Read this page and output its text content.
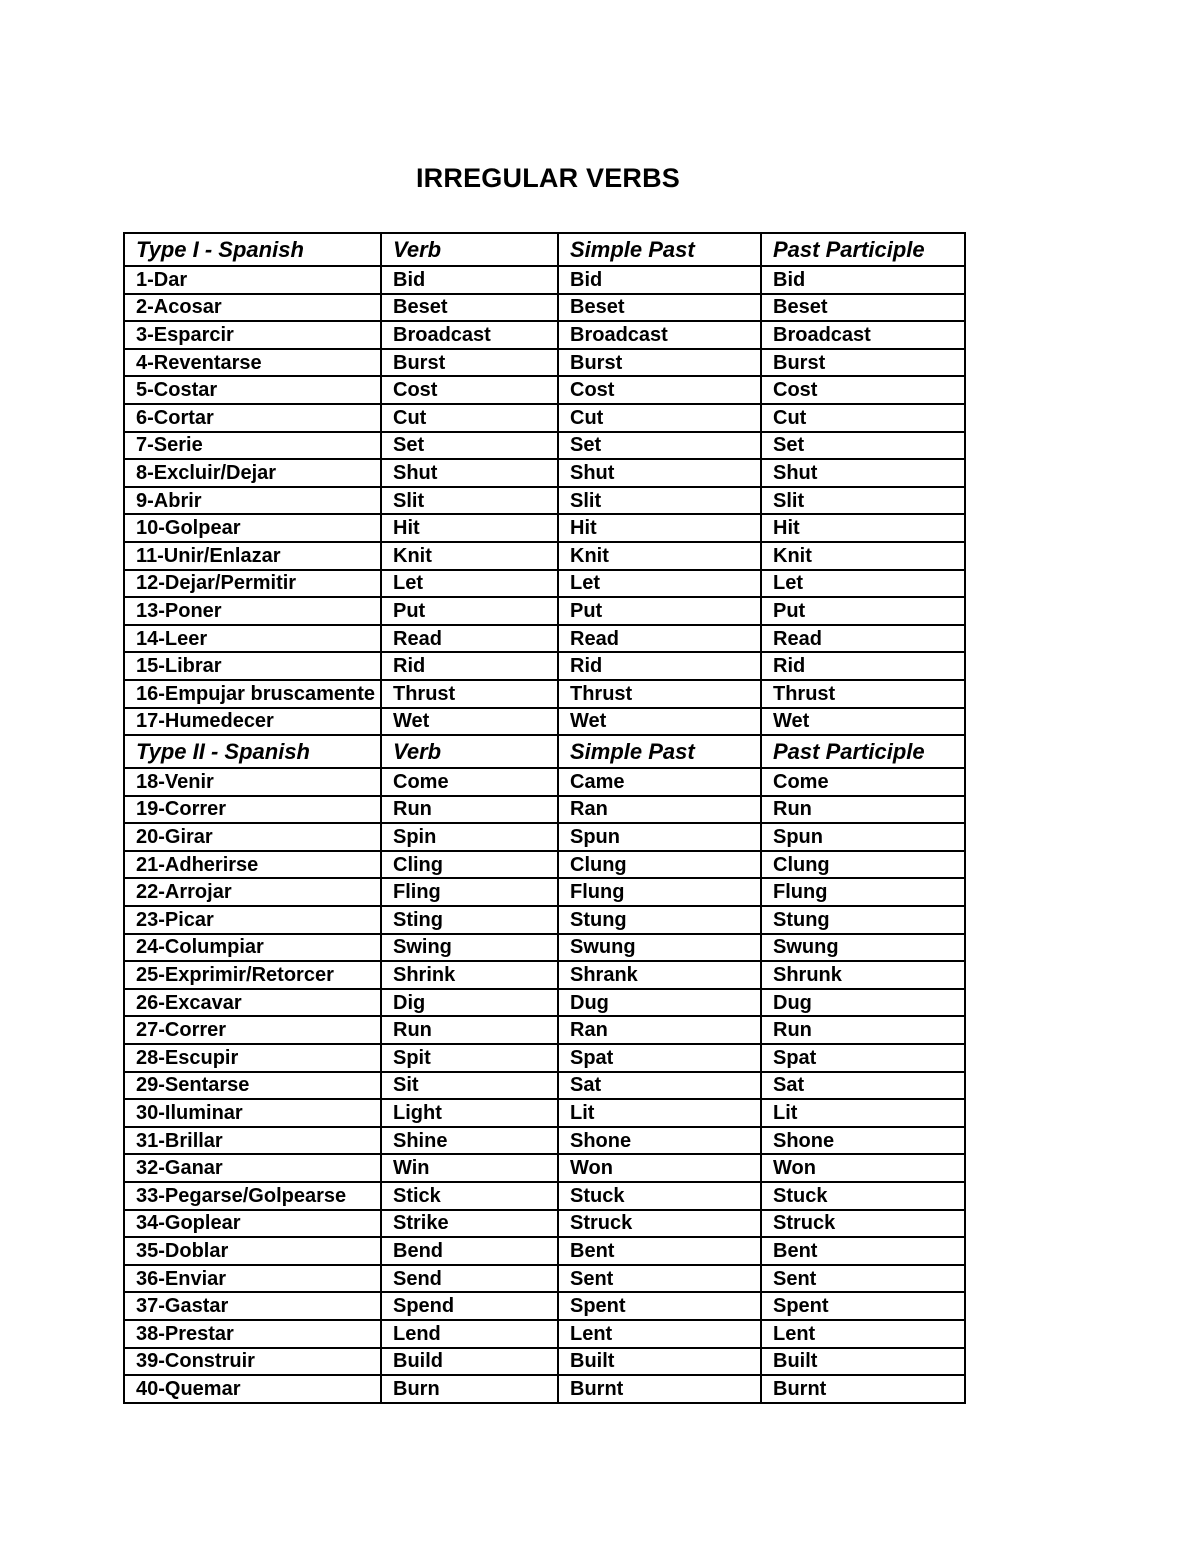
IRREGULAR VERBS
Type I - Spanish	Verb	Simple Past	Past Participle
1-Dar	Bid	Bid	Bid
2-Acosar	Beset	Beset	Beset
3-Esparcir	Broadcast	Broadcast	Broadcast
4-Reventarse	Burst	Burst	Burst
5-Costar	Cost	Cost	Cost
6-Cortar	Cut	Cut	Cut
7-Serie	Set	Set	Set
8-Excluir/Dejar	Shut	Shut	Shut
9-Abrir	Slit	Slit	Slit
10-Golpear	Hit	Hit	Hit
11-Unir/Enlazar	Knit	Knit	Knit
12-Dejar/Permitir	Let	Let	Let
13-Poner	Put	Put	Put
14-Leer	Read	Read	Read
15-Librar	Rid	Rid	Rid
16-Empujar bruscamente	Thrust	Thrust	Thrust
17-Humedecer	Wet	Wet	Wet
Type II - Spanish	Verb	Simple Past	Past Participle
18-Venir	Come	Came	Come
19-Correr	Run	Ran	Run
20-Girar	Spin	Spun	Spun
21-Adherirse	Cling	Clung	Clung
22-Arrojar	Fling	Flung	Flung
23-Picar	Sting	Stung	Stung
24-Columpiar	Swing	Swung	Swung
25-Exprimir/Retorcer	Shrink	Shrank	Shrunk
26-Excavar	Dig	Dug	Dug
27-Correr	Run	Ran	Run
28-Escupir	Spit	Spat	Spat
29-Sentarse	Sit	Sat	Sat
30-Iluminar	Light	Lit	Lit
31-Brillar	Shine	Shone	Shone
32-Ganar	Win	Won	Won
33-Pegarse/Golpearse	Stick	Stuck	Stuck
34-Goplear	Strike	Struck	Struck
35-Doblar	Bend	Bent	Bent
36-Enviar	Send	Sent	Sent
37-Gastar	Spend	Spent	Spent
38-Prestar	Lend	Lent	Lent
39-Construir	Build	Built	Built
40-Quemar	Burn	Burnt	Burnt
